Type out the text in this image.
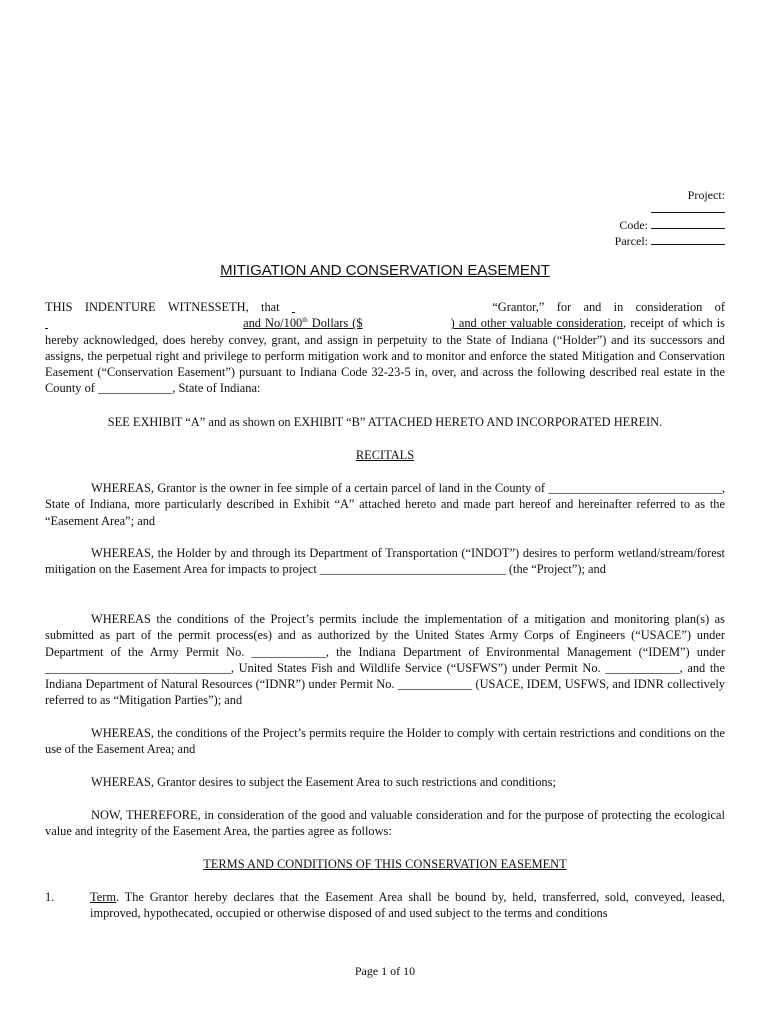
Project:
Code:
Parcel:
MITIGATION AND CONSERVATION EASEMENT
THIS INDENTURE WITNESSETH, that	“Grantor,” for and in consideration of   and No/100th Dollars ($	) and other valuable consideration, receipt of which is hereby acknowledged, does hereby convey, grant, and assign in perpetuity to the State of Indiana (“Holder”) and its successors and assigns, the perpetual right and privilege to perform mitigation work and to monitor and enforce the stated Mitigation and Conservation Easement (“Conservation Easement”) pursuant to Indiana Code 32-23-5 in, over, and across the following described real estate in the County of ____________, State of Indiana:
SEE EXHIBIT “A” and as shown on EXHIBIT “B” ATTACHED HERETO AND INCORPORATED HEREIN.
RECITALS
WHEREAS, Grantor is the owner in fee simple of a certain parcel of land in the County of ____________________________, State of Indiana, more particularly described in Exhibit “A” attached hereto and made part hereof and hereinafter referred to as the “Easement Area”; and
WHEREAS, the Holder by and through its Department of Transportation (“INDOT”) desires to perform wetland/stream/forest mitigation on the Easement Area for impacts to project ______________________________ (the “Project”); and
WHEREAS the conditions of the Project’s permits include the implementation of a mitigation and monitoring plan(s) as submitted as part of the permit process(es) and as authorized by the United States Army Corps of Engineers (“USACE”) under Department of the Army Permit No. ____________, the Indiana Department of Environmental Management (“IDEM”) under ______________________________, United States Fish and Wildlife Service (“USFWS”) under Permit No. ____________, and the Indiana Department of Natural Resources (“IDNR”) under Permit No. ____________ (USACE, IDEM, USFWS, and IDNR collectively referred to as “Mitigation Parties”); and
WHEREAS, the conditions of the Project’s permits require the Holder to comply with certain restrictions and conditions on the use of the Easement Area; and
WHEREAS, Grantor desires to subject the Easement Area to such restrictions and conditions;
NOW, THEREFORE, in consideration of the good and valuable consideration and for the purpose of protecting the ecological value and integrity of the Easement Area, the parties agree as follows:
TERMS AND CONDITIONS OF THIS CONSERVATION EASEMENT
1.	Term. The Grantor hereby declares that the Easement Area shall be bound by, held, transferred, sold, conveyed, leased, improved, hypothecated, occupied or otherwise disposed of and used subject to the terms and conditions
Page 1 of 10
